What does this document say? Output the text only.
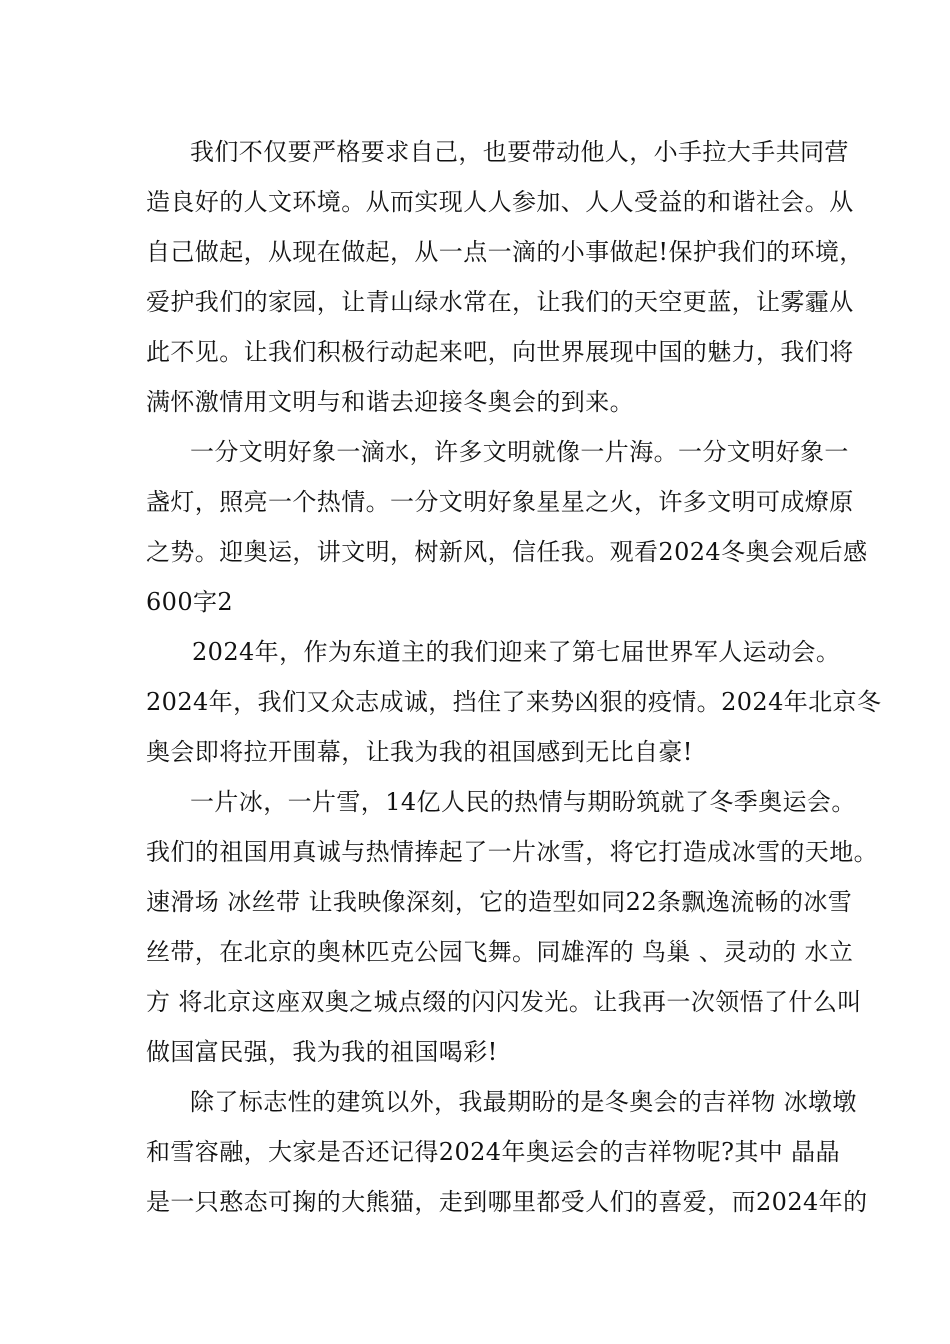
我们不仅要严格要求自己，也要带动他人，小手拉大手共同营
造良好的人文环境。从而实现人人参加、人人受益的和谐社会。从
自己做起，从现在做起，从一点一滴的小事做起!保护我们的环境，
爱护我们的家园，让青山绿水常在，让我们的天空更蓝，让雾霾从
此不见。让我们积极行动起来吧，向世界展现中国的魅力，我们将
满怀激情用文明与和谐去迎接冬奥会的到来。
一分文明好象一滴水，许多文明就像一片海。一分文明好象一
盏灯，照亮一个热情。一分文明好象星星之火，许多文明可成燎原
之势。迎奥运，讲文明，树新风，信任我。观看2024冬奥会观后感
600字2
2024年，作为东道主的我们迎来了第七届世界军人运动会。
2024年，我们又众志成诚，挡住了来势凶狠的疫情。2024年北京冬
奥会即将拉开围幕，让我为我的祖国感到无比自豪!
一片冰，一片雪，14亿人民的热情与期盼筑就了冬季奥运会。
我们的祖国用真诚与热情捧起了一片冰雪，将它打造成冰雪的天地。
速滑场 冰丝带 让我映像深刻，它的造型如同22条飘逸流畅的冰雪
丝带，在北京的奥林匹克公园飞舞。同雄浑的 鸟巢 、灵动的 水立
方 将北京这座双奥之城点缀的闪闪发光。让我再一次领悟了什么叫
做国富民强，我为我的祖国喝彩!
除了标志性的建筑以外，我最期盼的是冬奥会的吉祥物 冰墩墩
和雪容融，大家是否还记得2024年奥运会的吉祥物呢?其中 晶晶
是一只憨态可掬的大熊猫，走到哪里都受人们的喜爱，而2024年的
